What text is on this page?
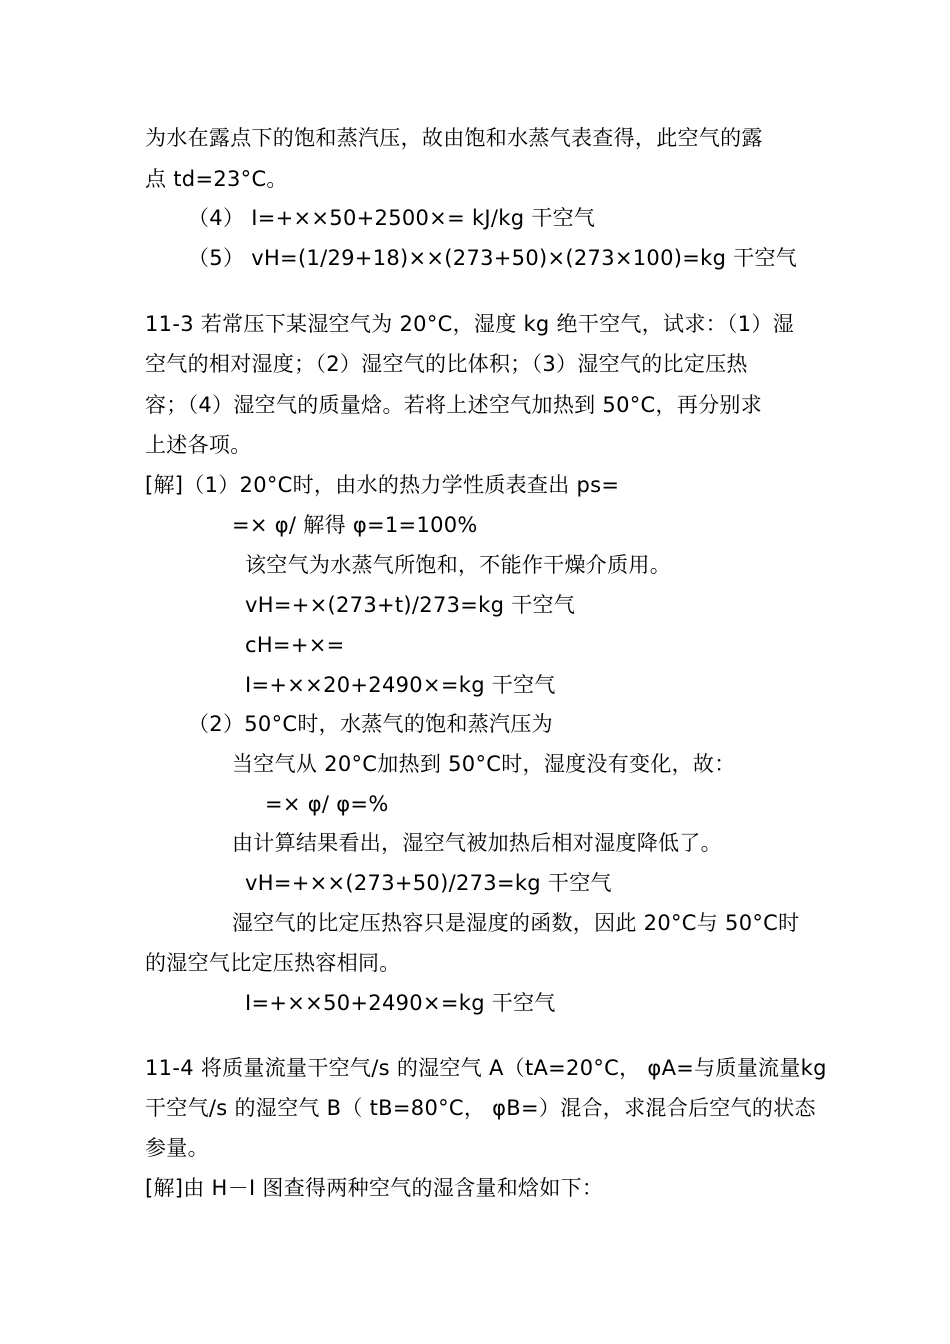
为水在露点下的饱和蒸汽压，故由饱和水蒸气表查得，此空气的露
点 td=23°C。
（4） I=+××50+2500×= kJ/kg 干空气
（5） vH=(1/29+18)××(273+50)×(273×100)=kg 干空气
11-3 若常压下某湿空气为 20°C，湿度 kg 绝干空气，试求：（1）湿
空气的相对湿度；（2）湿空气的比体积；（3）湿空气的比定压热
容；（4）湿空气的质量焓。若将上述空气加热到 50°C，再分别求
上述各项。
[解]（1）20°C时，由水的热力学性质表查出 ps=
=× φ/ 解得 φ=1=100%
该空气为水蒸气所饱和，不能作干燥介质用。
vH=+×(273+t)/273=kg 干空气
cH=+×=
I=+××20+2490×=kg 干空气
（2）50°C时，水蒸气的饱和蒸汽压为
当空气从 20°C加热到 50°C时，湿度没有变化，故：
=× φ/ φ=%
由计算结果看出，湿空气被加热后相对湿度降低了。
vH=+××(273+50)/273=kg 干空气
湿空气的比定压热容只是湿度的函数，因此 20°C与 50°C时
的湿空气比定压热容相同。
I=+××50+2490×=kg 干空气
11-4 将质量流量干空气/s 的湿空气 A（tA=20°C， φA=与质量流量kg
干空气/s 的湿空气 B（ tB=80°C， φB=）混合，求混合后空气的状态
参量。
[解]由 H－I 图查得两种空气的湿含量和焓如下：
